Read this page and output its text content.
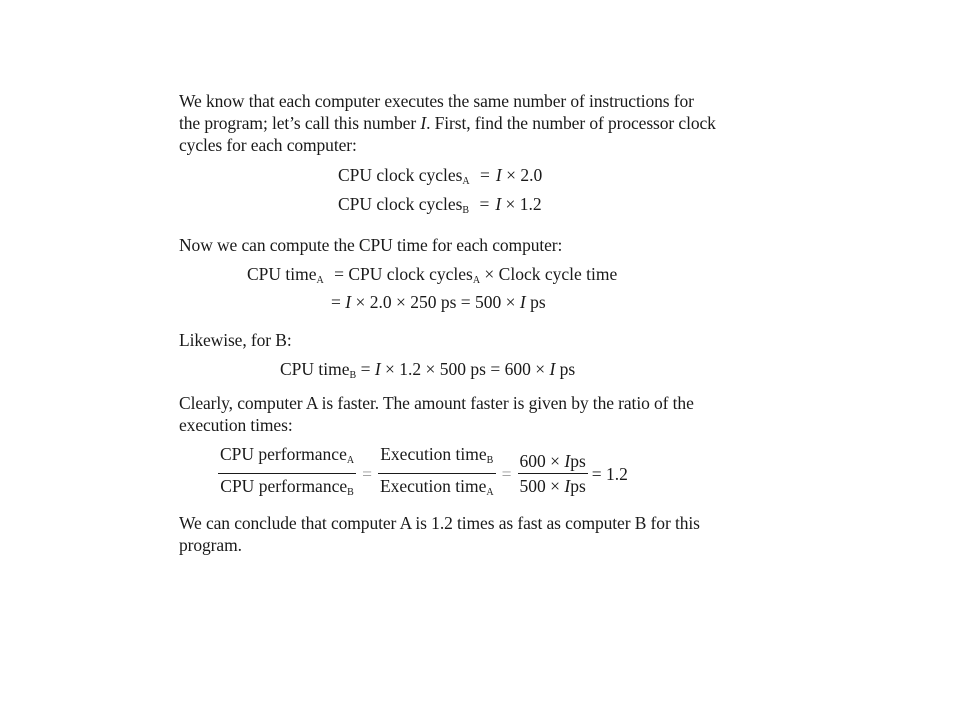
We know that each computer executes the same number of instructions for
the program; let’s call this number I. First, find the number of processor clock
cycles for each computer:
CPU clock cycles$_A$ = I × 2.0
CPU clock cycles$_B$ = I × 1.2
Now we can compute the CPU time for each computer:
CPU time$_A$ = CPU clock cycles$_A$ × Clock cycle time
= I × 2.0 × 250 ps = 500 × I ps
Likewise, for B:
CPU time$_B$ = I × 1.2 × 500 ps = 600 × I ps
Clearly, computer A is faster. The amount faster is given by the ratio of the
execution times:
$\frac{CPU performance_A}{CPU performance_B} = \frac{Execution time_B}{Execution time_A} = \frac{\text{600 × Ips}}{\text{500 × Ips}} = 1.2$
We can conclude that computer A is 1.2 times as fast as computer B for this
program.
